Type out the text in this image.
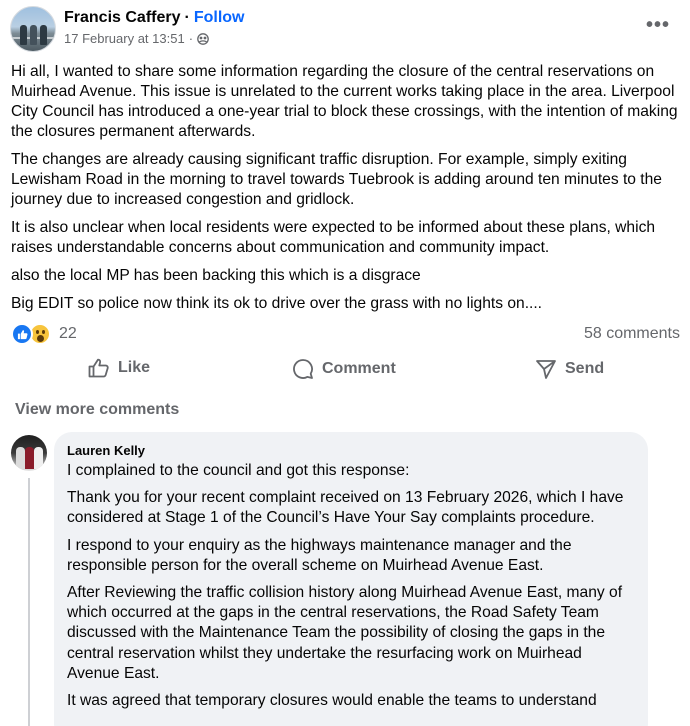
Francis Caffery · Follow
17 February at 13:51 ·
•••

Hi all, I wanted to share some information regarding the closure of the central reservations on Muirhead Avenue. This issue is unrelated to the current works taking place in the area. Liverpool City Council has introduced a one-year trial to block these crossings, with the intention of making the closures permanent afterwards.

The changes are already causing significant traffic disruption. For example, simply exiting Lewisham Road in the morning to travel towards Tuebrook is adding around ten minutes to the journey due to increased congestion and gridlock.

It is also unclear when local residents were expected to be informed about these plans, which raises understandable concerns about communication and community impact.

also the local MP has been backing this which is a disgrace

Big EDIT so police now think its ok to drive over the grass with no lights on....

22	58 comments
Like	Comment	Send
View more comments
Lauren Kelly

I complained to the council and got this response:

Thank you for your recent complaint received on 13 February 2026, which I have considered at Stage 1 of the Council’s Have Your Say complaints procedure.

I respond to your enquiry as the highways maintenance manager and the responsible person for the overall scheme on Muirhead Avenue East.

After Reviewing the traffic collision history along Muirhead Avenue East, many of which occurred at the gaps in the central reservations, the Road Safety Team discussed with the Maintenance Team the possibility of closing the gaps in the central reservation whilst they undertake the resurfacing work on Muirhead Avenue East.

It was agreed that temporary closures would enable the teams to understand
